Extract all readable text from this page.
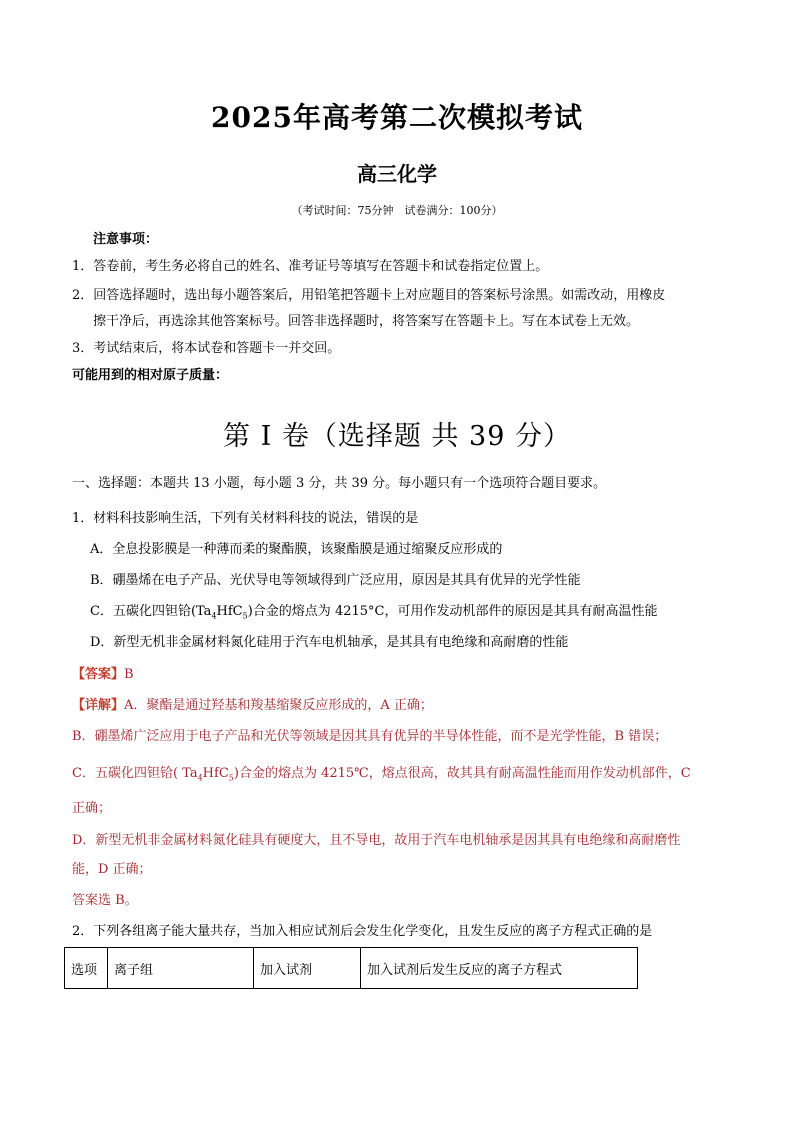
2025年高考第二次模拟考试
高三化学
（考试时间：75分钟　试卷满分：100分）
注意事项：
1．答卷前，考生务必将自己的姓名、准考证号等填写在答题卡和试卷指定位置上。
2．回答选择题时，选出每小题答案后，用铅笔把答题卡上对应题目的答案标号涂黑。如需改动，用橡皮
擦干净后，再选涂其他答案标号。回答非选择题时，将答案写在答题卡上。写在本试卷上无效。
3．考试结束后，将本试卷和答题卡一并交回。
可能用到的相对原子质量：
第 I 卷（选择题 共 39 分）
一、选择题：本题共 13 小题，每小题 3 分，共 39 分。每小题只有一个选项符合题目要求。
1．材料科技影响生活，下列有关材料科技的说法，错误的是
A．全息投影膜是一种薄而柔的聚酯膜，该聚酯膜是通过缩聚反应形成的
B．硼墨烯在电子产品、光伏导电等领域得到广泛应用，原因是其具有优异的光学性能
C．五碳化四钽铪$(Ta_4HfC_5)$合金的熔点为 4215°C，可用作发动机部件的原因是其具有耐高温性能
D．新型无机非金属材料氮化硅用于汽车电机轴承，是其具有电绝缘和高耐磨的性能
【答案】B
【详解】A．聚酯是通过羟基和羧基缩聚反应形成的，A 正确；
B．硼墨烯广泛应用于电子产品和光伏等领域是因其具有优异的半导体性能，而不是光学性能，B 错误；
C．五碳化四钽铪( $Ta_4HfC_5$)合金的熔点为 4215℃，熔点很高，故其具有耐高温性能而用作发动机部件，C
正确；
D．新型无机非金属材料氮化硅具有硬度大，且不导电，故用于汽车电机轴承是因其具有电绝缘和高耐磨性
能，D 正确；
答案选 B。
2．下列各组离子能大量共存，当加入相应试剂后会发生化学变化，且发生反应的离子方程式正确的是
选项	离子组	加入试剂	加入试剂后发生反应的离子方程式
